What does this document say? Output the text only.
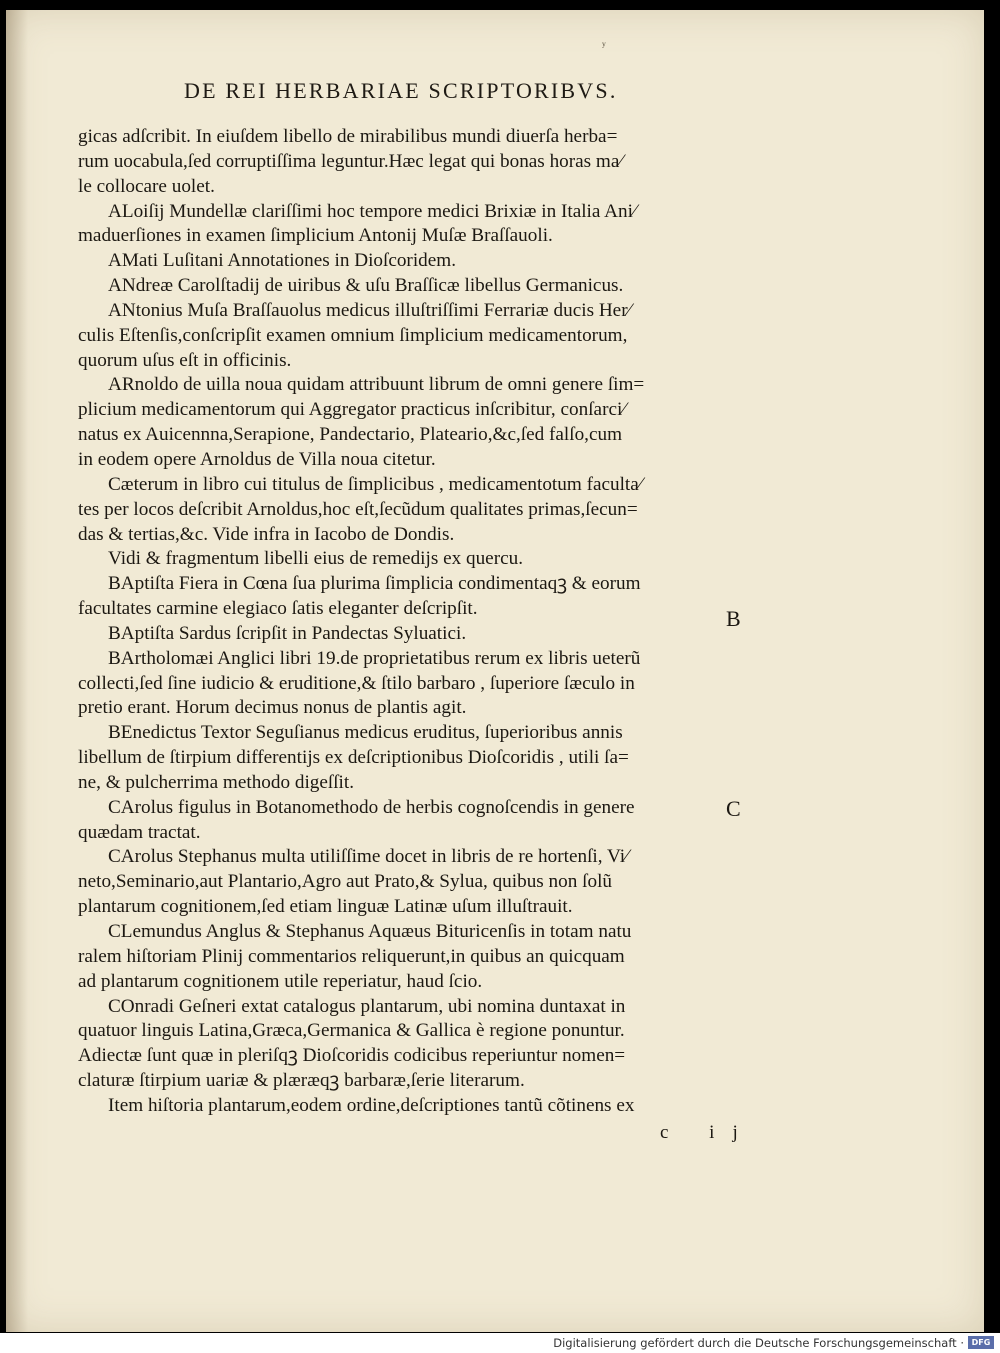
ʸ
DE REI HERBARIAE SCRIPTORIBVS.
gicas adſcribit. In eiuſdem libello de mirabilibus mundi diuerſa herba=
rum uocabula,ſed corruptiſſima leguntur.Hæc legat qui bonas horas ma⁄
le collocare uolet.
ALoiſij Mundellæ clariſſimi hoc tempore medici Brixiæ in Italia Ani⁄
maduerſiones in examen ſimplicium Antonij Muſæ Braſſauoli.
AMati Luſitani Annotationes in Dioſcoridem.
ANdreæ Carolſtadij de uiribus & uſu Braſſicæ libellus Germanicus.
ANtonius Muſa Braſſauolus medicus illuſtriſſimi Ferrariæ ducis Her⁄
culis Eſtenſis,conſcripſit examen omnium ſimplicium medicamentorum,
quorum uſus eſt in officinis.
ARnoldo de uilla noua quidam attribuunt librum de omni genere ſim=
plicium medicamentorum qui Aggregator practicus inſcribitur, conſarci⁄
natus ex Auicennna,Serapione, Pandectario, Plateario,&c,ſed falſo,cum
in eodem opere Arnoldus de Villa noua citetur.
Cæterum in libro cui titulus de ſimplicibus , medicamentotum faculta⁄
tes per locos deſcribit Arnoldus,hoc eſt,ſecũdum qualitates primas,ſecun=
das & tertias,&c. Vide infra in Iacobo de Dondis.
Vidi & fragmentum libelli eius de remedijs ex quercu.
BAptiſta Fiera in Cœna ſua plurima ſimplicia condimentaqꝫ & eorum
facultates carmine elegiaco ſatis eleganter deſcripſit.
BAptiſta Sardus ſcripſit in Pandectas Syluatici.
BArtholomæi Anglici libri 19.de proprietatibus rerum ex libris ueterũ
collecti,ſed ſine iudicio & eruditione,& ſtilo barbaro , ſuperiore ſæculo in
pretio erant. Horum decimus nonus de plantis agit.
BEnedictus Textor Seguſianus medicus eruditus, ſuperioribus annis
libellum de ſtirpium differentijs ex deſcriptionibus Dioſcoridis , utili ſa=
ne, & pulcherrima methodo digeſſit.
CArolus figulus in Botanomethodo de herbis cognoſcendis in genere
quædam tractat.
CArolus Stephanus multa utiliſſime docet in libris de re hortenſi, Vi⁄
neto,Seminario,aut Plantario,Agro aut Prato,& Sylua, quibus non ſolũ
plantarum cognitionem,ſed etiam linguæ Latinæ uſum illuſtrauit.
CLemundus Anglus & Stephanus Aquæus Bituricenſis in totam natu
ralem hiſtoriam Plinij commentarios reliquerunt,in quibus an quicquam
ad plantarum cognitionem utile reperiatur, haud ſcio.
COnradi Geſneri extat catalogus plantarum, ubi nomina duntaxat in
quatuor linguis Latina,Græca,Germanica & Gallica è regione ponuntur.
Adiectæ ſunt quæ in pleriſqꝫ Dioſcoridis codicibus reperiuntur nomen=
claturæ ſtirpium uariæ & plæræqꝫ barbaræ,ſerie literarum.
Item hiſtoria plantarum,eodem ordine,deſcriptiones tantũ cõtinens ex
B
C
c ij
Digitalisierung gefördert durch die Deutsche Forschungsgemeinschaft · DFG
